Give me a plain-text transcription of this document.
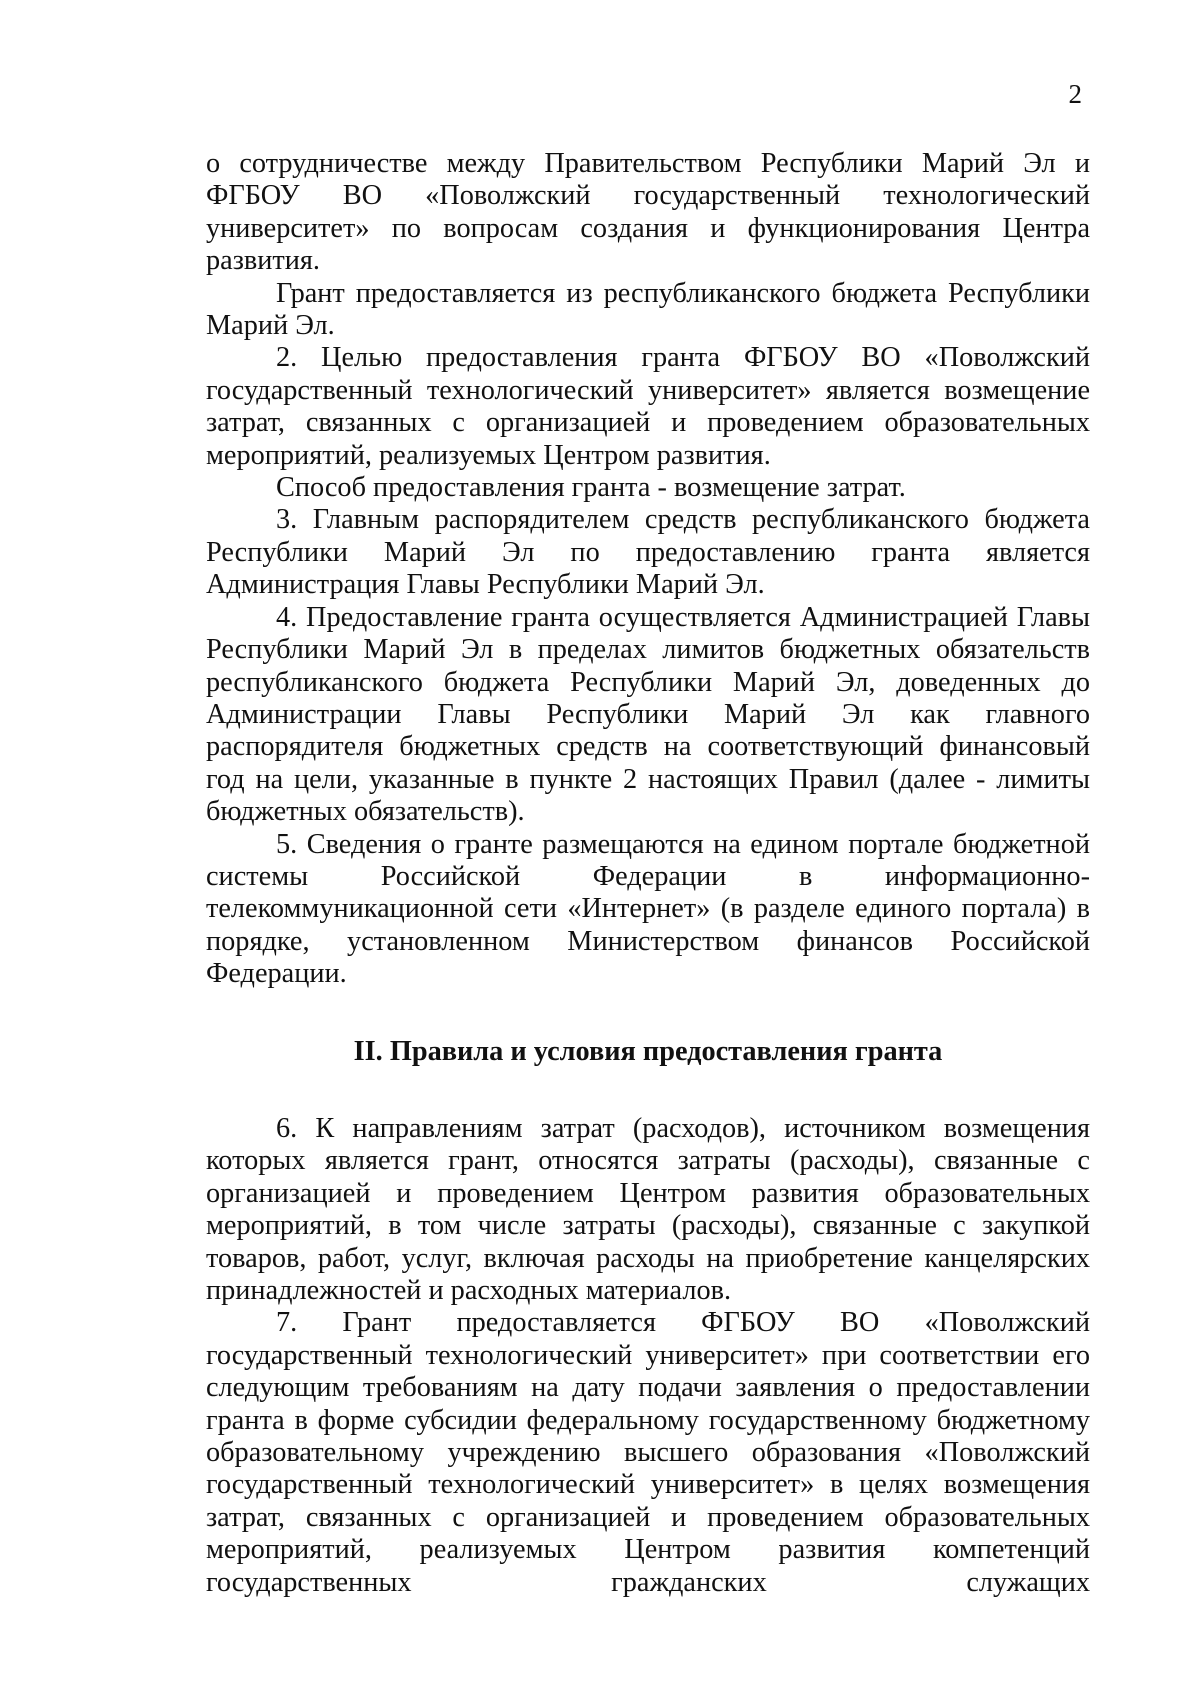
2

о сотрудничестве между Правительством Республики Марий Эл и ФГБОУ ВО «Поволжский государственный технологический университет» по вопросам создания и функционирования Центра развития.

Грант предоставляется из республиканского бюджета Республики Марий Эл.

2. Целью предоставления гранта ФГБОУ ВО «Поволжский государственный технологический университет» является возмещение затрат, связанных с организацией и проведением образовательных мероприятий, реализуемых Центром развития.

Способ предоставления гранта - возмещение затрат.

3. Главным распорядителем средств республиканского бюджета Республики Марий Эл по предоставлению гранта является Администрация Главы Республики Марий Эл.

4. Предоставление гранта осуществляется Администрацией Главы Республики Марий Эл в пределах лимитов бюджетных обязательств республиканского бюджета Республики Марий Эл, доведенных до Администрации Главы Республики Марий Эл как главного распорядителя бюджетных средств на соответствующий финансовый год на цели, указанные в пункте 2 настоящих Правил (далее - лимиты бюджетных обязательств).

5. Сведения о гранте размещаются на едином портале бюджетной системы Российской Федерации в информационно-телекоммуникационной сети «Интернет» (в разделе единого портала) в порядке, установленном Министерством финансов Российской Федерации.

II. Правила и условия предоставления гранта

6. К направлениям затрат (расходов), источником возмещения которых является грант, относятся затраты (расходы), связанные с организацией и проведением Центром развития образовательных мероприятий, в том числе затраты (расходы), связанные с закупкой товаров, работ, услуг, включая расходы на приобретение канцелярских принадлежностей и расходных материалов.

7. Грант предоставляется ФГБОУ ВО «Поволжский государственный технологический университет» при соответствии его следующим требованиям на дату подачи заявления о предоставлении гранта в форме субсидии федеральному государственному бюджетному образовательному учреждению высшего образования «Поволжский государственный технологический университет» в целях возмещения затрат, связанных с организацией и проведением образовательных мероприятий, реализуемых Центром развития компетенций государственных гражданских служащих
